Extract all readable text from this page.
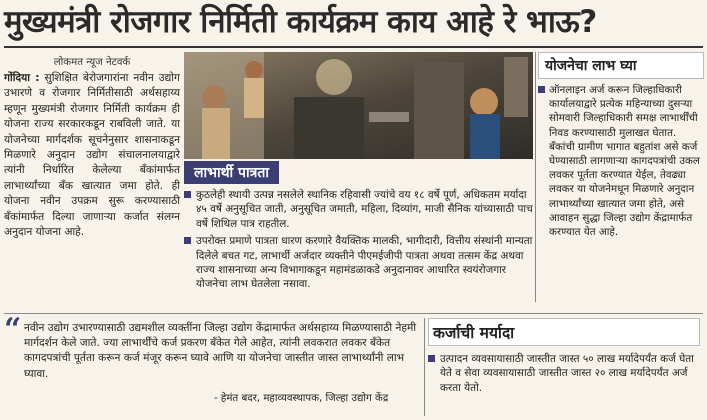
मुख्यमंत्री रोजगार निर्मिती कार्यक्रम काय आहे रे भाऊ?

लोकमत न्यूज नेटवर्क

गोंदिया : सुशिक्षित बेरोजगारांना नवीन उद्योग उभारणे व रोजगार निर्मितीसाठी अर्थसहाय्य म्हणून मुख्यमंत्री रोजगार निर्मिती कार्यक्रम ही योजना राज्य सरकारकडून राबविली जाते. या योजनेच्या मार्गदर्शक सूचनेनुसार शासनाकडून मिळणारे अनुदान उद्योग संचालनालयाद्वारे त्यांनी निर्धारित केलेल्या बँकांमार्फत लाभार्थ्यांच्या बँक खात्यात जमा होते. ही योजना नवीन उपक्रम सुरू करण्यासाठी बँकांमार्फत दिल्या जाणाऱ्या कर्जात संलग्न अनुदान योजना आहे.

योजनेचा लाभ घ्या

ऑनलाइन अर्ज करून जिल्हाधिकारी कार्यालयाद्वारे प्रत्येक महिन्याच्या दुसऱ्या सोमवारी जिल्हाधिकारी समक्ष लाभार्थींची निवड करण्यासाठी मुलाखत घेतात. बँकांची ग्रामीण भागात बहुतांश असे कर्ज घेण्यासाठी लागणाऱ्या कागदपत्रांची उकल लवकर पूर्तता करण्यात येईल, तेवढ्या लवकर या योजनेमधून मिळणारे अनुदान लाभार्थ्यांच्या खात्यात जमा होते, असे आवाहन सुद्धा जिल्हा उद्योग केंद्रामार्फत करण्यात येत आहे.

लाभार्थी पात्रता

कुठलेही स्थायी उत्पन्न नसलेले स्थानिक रहिवासी ज्यांचे वय १८ वर्षे पूर्ण, अधिकतम मर्यादा ४५ वर्षे अनुसूचित जाती, अनुसूचित जमाती, महिला, दिव्यांग, माजी सैनिक यांच्यासाठी पाच वर्षे शिथिल पात्र राहतील.

उपरोक्त प्रमाणे पात्रता धारण करणारे वैयक्तिक मालकी, भागीदारी, वित्तीय संस्थांनी मान्यता दिलेले बचत गट, लाभार्थी अर्जदार व्यक्तीने पीएमईजीपी पात्रता अथवा तत्सम केंद्र अथवा राज्य शासनाच्या अन्य विभागाकडून महामंडळाकडे अनुदानावर आधारित स्वयंरोजगार योजनेचा लाभ घेतलेला नसावा.

“ नवीन उद्योग उभारण्यासाठी उद्यमशील व्यक्तींना जिल्हा उद्योग केंद्रामार्फत अर्थसहाय्य मिळण्यासाठी नेहमी मार्गदर्शन केले जाते. ज्या लाभार्थींचे कर्ज प्रकरण बँकेत गेले आहेत, त्यांनी लवकरात लवकर बँकेत कागदपत्रांची पूर्तता करून कर्ज मंजूर करून घ्यावे आणि या योजनेचा जास्तीत जास्त लाभार्थ्यांनी लाभ घ्यावा.

- हेमंत बदर, महाव्यवस्थापक, जिल्हा उद्योग केंद्र

कर्जाची मर्यादा

उत्पादन व्यवसायासाठी जास्तीत जास्त ५० लाख मर्यादेपर्यंत कर्ज घेता येते व सेवा व्यवसायासाठी जास्तीत जास्त २० लाख मर्यादेपर्यंत अर्ज करता येतो.
